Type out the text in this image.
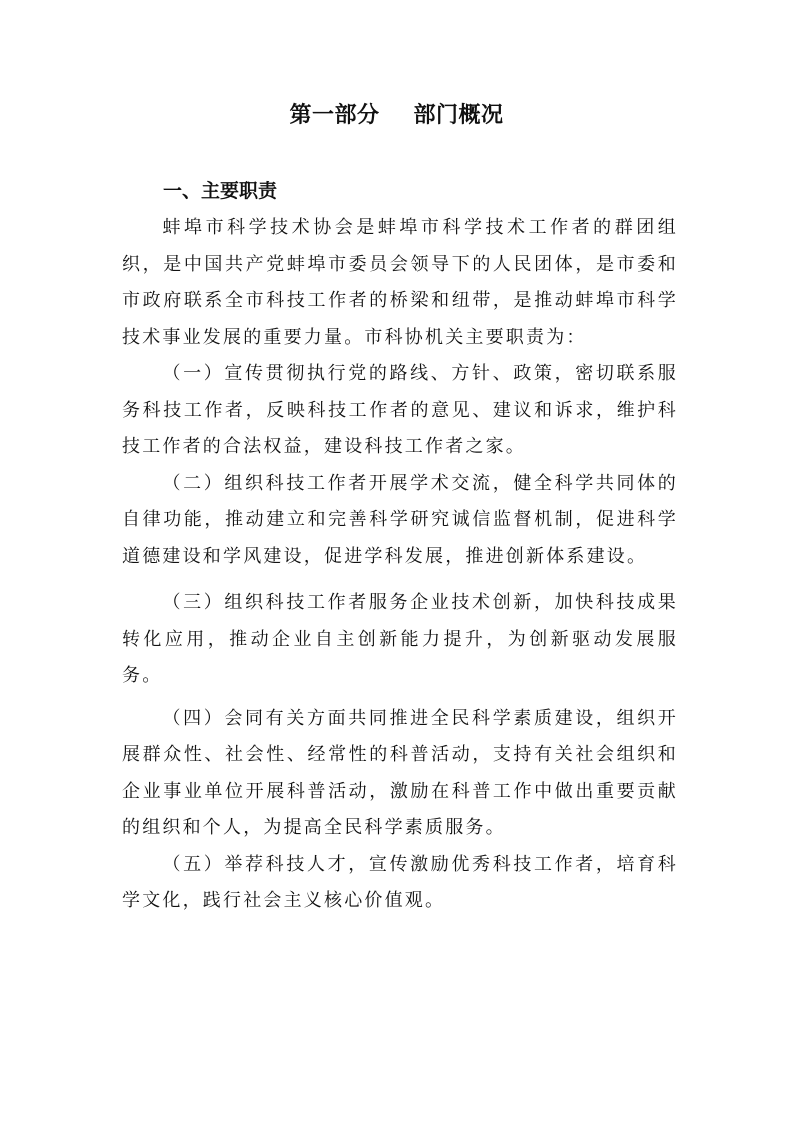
第一部分 部门概况
一、主要职责

蚌埠市科学技术协会是蚌埠市科学技术工作者的群团组织，是中国共产党蚌埠市委员会领导下的人民团体，是市委和市政府联系全市科技工作者的桥梁和纽带，是推动蚌埠市科学技术事业发展的重要力量。市科协机关主要职责为：

（一）宣传贯彻执行党的路线、方针、政策，密切联系服务科技工作者，反映科技工作者的意见、建议和诉求，维护科技工作者的合法权益，建设科技工作者之家。

（二）组织科技工作者开展学术交流，健全科学共同体的自律功能，推动建立和完善科学研究诚信监督机制，促进科学道德建设和学风建设，促进学科发展，推进创新体系建设。

（三）组织科技工作者服务企业技术创新，加快科技成果转化应用，推动企业自主创新能力提升，为创新驱动发展服务。

（四）会同有关方面共同推进全民科学素质建设，组织开展群众性、社会性、经常性的科普活动，支持有关社会组织和企业事业单位开展科普活动，激励在科普工作中做出重要贡献的组织和个人，为提高全民科学素质服务。

（五）举荐科技人才，宣传激励优秀科技工作者，培育科学文化，践行社会主义核心价值观。
